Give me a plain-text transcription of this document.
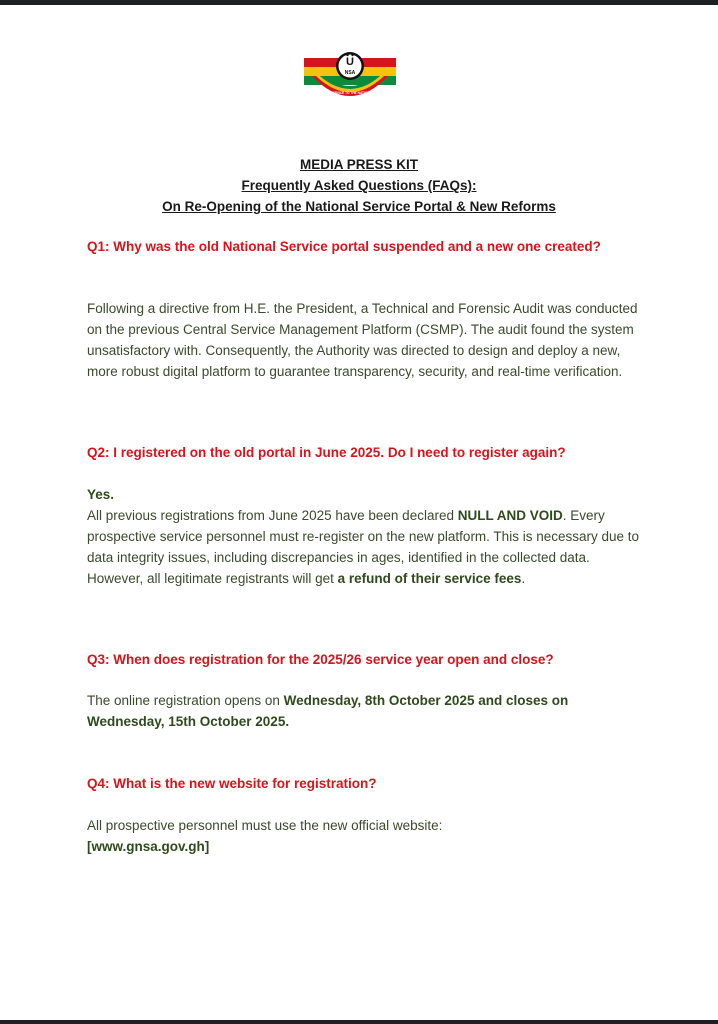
U
NSA
SERVICE TO THE NATION
MEDIA PRESS KIT
Frequently Asked Questions (FAQs):
On Re-Opening of the National Service Portal & New Reforms
Q1: Why was the old National Service portal suspended and a new one created?
Following a directive from H.E. the President, a Technical and Forensic Audit was conducted on the previous Central Service Management Platform (CSMP). The audit found the system unsatisfactory with. Consequently, the Authority was directed to design and deploy a new, more robust digital platform to guarantee transparency, security, and real-time verification.
Q2: I registered on the old portal in June 2025. Do I need to register again?
Yes.
All previous registrations from June 2025 have been declared NULL AND VOID. Every prospective service personnel must re-register on the new platform. This is necessary due to data integrity issues, including discrepancies in ages, identified in the collected data.
However, all legitimate registrants will get a refund of their service fees.
Q3: When does registration for the 2025/26 service year open and close?
The online registration opens on Wednesday, 8th October 2025 and closes on Wednesday, 15th October 2025.
Q4: What is the new website for registration?
All prospective personnel must use the new official website:
[www.gnsa.gov.gh]
